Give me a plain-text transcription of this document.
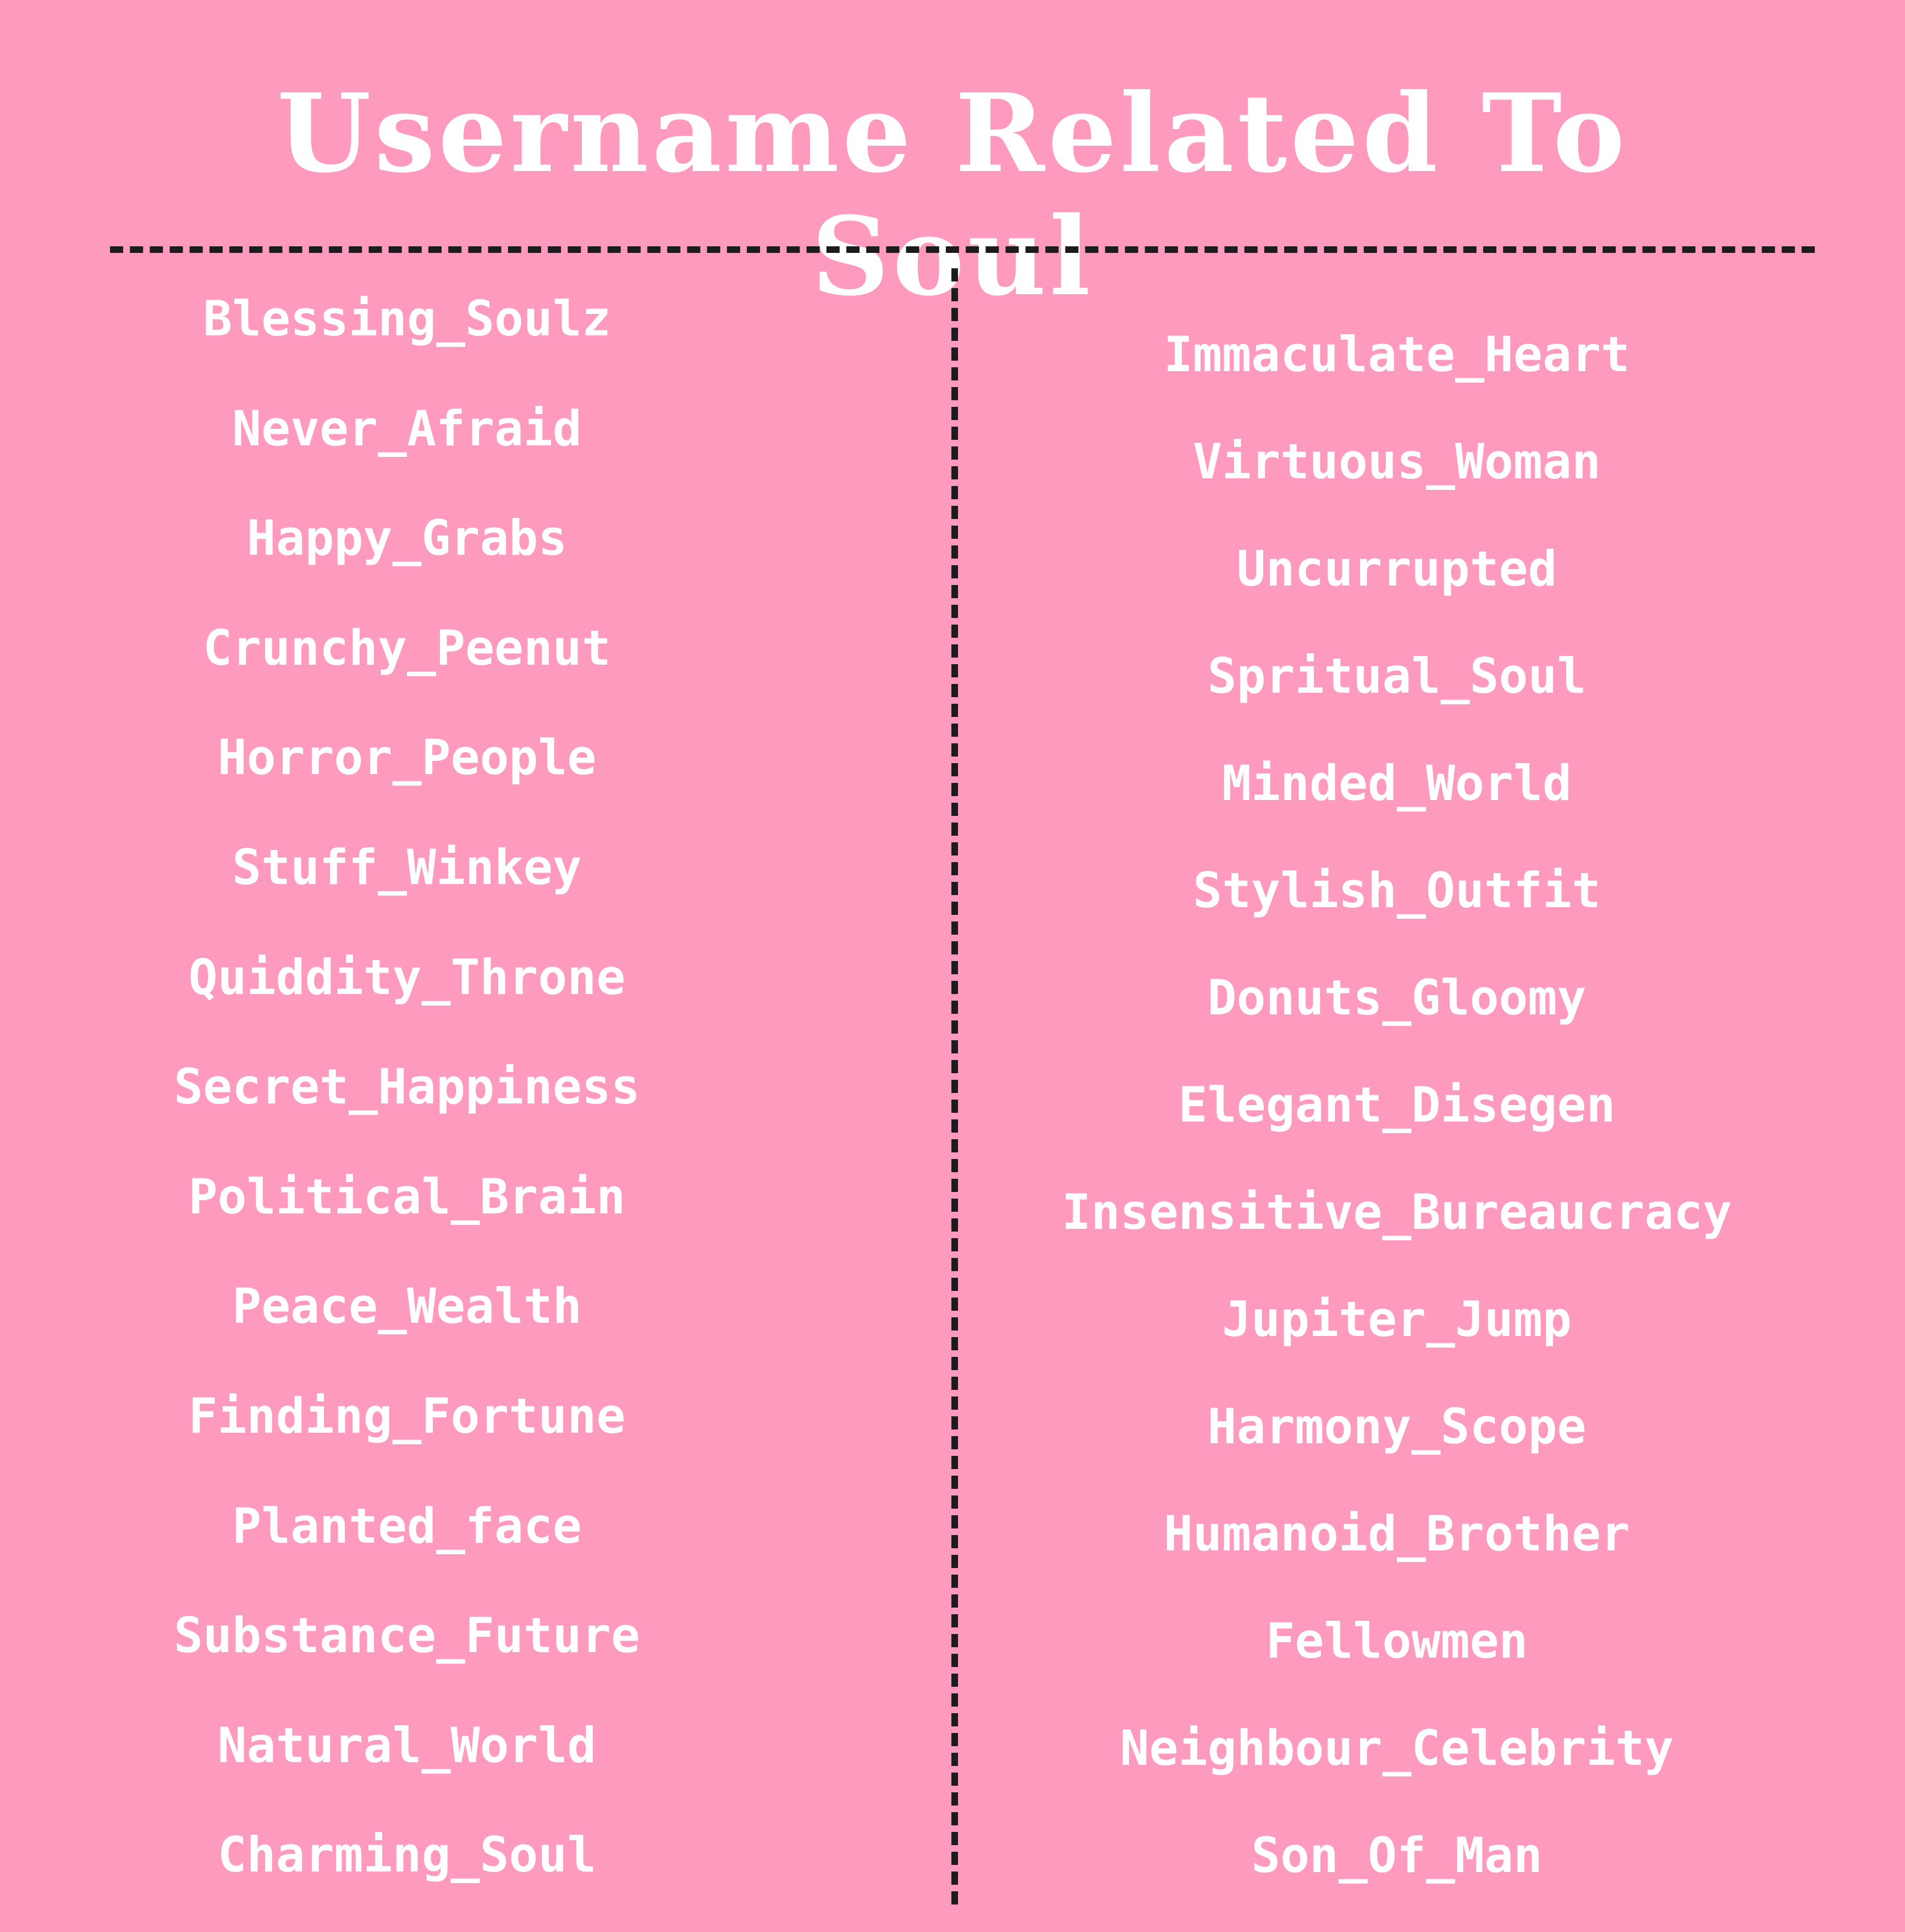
Username Related To
Soul
Blessing_Soulz
Never_Afraid
Happy_Grabs
Crunchy_Peenut
Horror_People
Stuff_Winkey
Quiddity_Throne
Secret_Happiness
Political_Brain
Peace_Wealth
Finding_Fortune
Planted_face
Substance_Future
Natural_World
Charming_Soul
Immaculate_Heart
Virtuous_Woman
Uncurrupted
Spritual_Soul
Minded_World
Stylish_Outfit
Donuts_Gloomy
Elegant_Disegen
Insensitive_Bureaucracy
Jupiter_Jump
Harmony_Scope
Humanoid_Brother
Fellowmen
Neighbour_Celebrity
Son_Of_Man
